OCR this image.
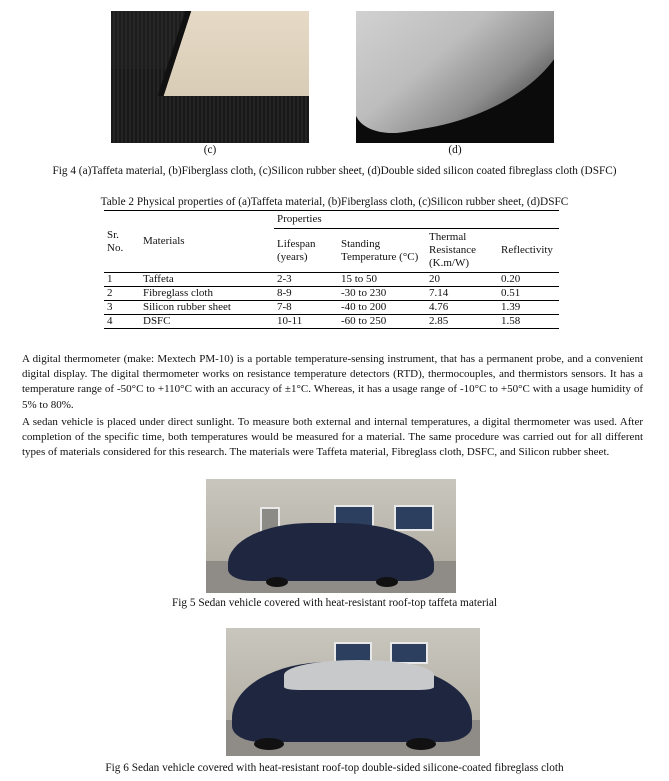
(c)	(d)
Fig 4 (a)Taffeta material, (b)Fiberglass cloth, (c)Silicon rubber sheet, (d)Double sided silicon coated fibreglass cloth (DSFC)
Table 2 Physical properties of (a)Taffeta material, (b)Fiberglass cloth, (c)Silicon rubber sheet, (d)DSFC
Sr. No.	Materials	Properties			
		Lifespan (years)	Standing Temperature (°C)	Thermal Resistance (K.m/W)	Reflectivity
1	Taffeta	2-3	15 to 50	20	0.20
2	Fibreglass cloth	8-9	-30 to 230	7.14	0.51
3	Silicon rubber sheet	7-8	-40 to 200	4.76	1.39
4	DSFC	10-11	-60 to 250	2.85	1.58
A digital thermometer (make: Mextech PM-10) is a portable temperature-sensing instrument, that has a permanent probe, and a convenient digital display. The digital thermometer works on resistance temperature detectors (RTD), thermocouples, and thermistors sensors. It has a temperature range of -50°C to +110°C with an accuracy of ±1°C. Whereas, it has a usage range of -10°C to +50°C with a usage humidity of 5% to 80%.
A sedan vehicle is placed under direct sunlight. To measure both external and internal temperatures, a digital thermometer was used. After completion of the specific time, both temperatures would be measured for a material. The same procedure was carried out for all different types of materials considered for this research. The materials were Taffeta material, Fibreglass cloth, DSFC, and Silicon rubber sheet.
Fig 5 Sedan vehicle covered with heat-resistant roof-top taffeta material
Fig 6 Sedan vehicle covered with heat-resistant roof-top double-sided silicone-coated fibreglass cloth
